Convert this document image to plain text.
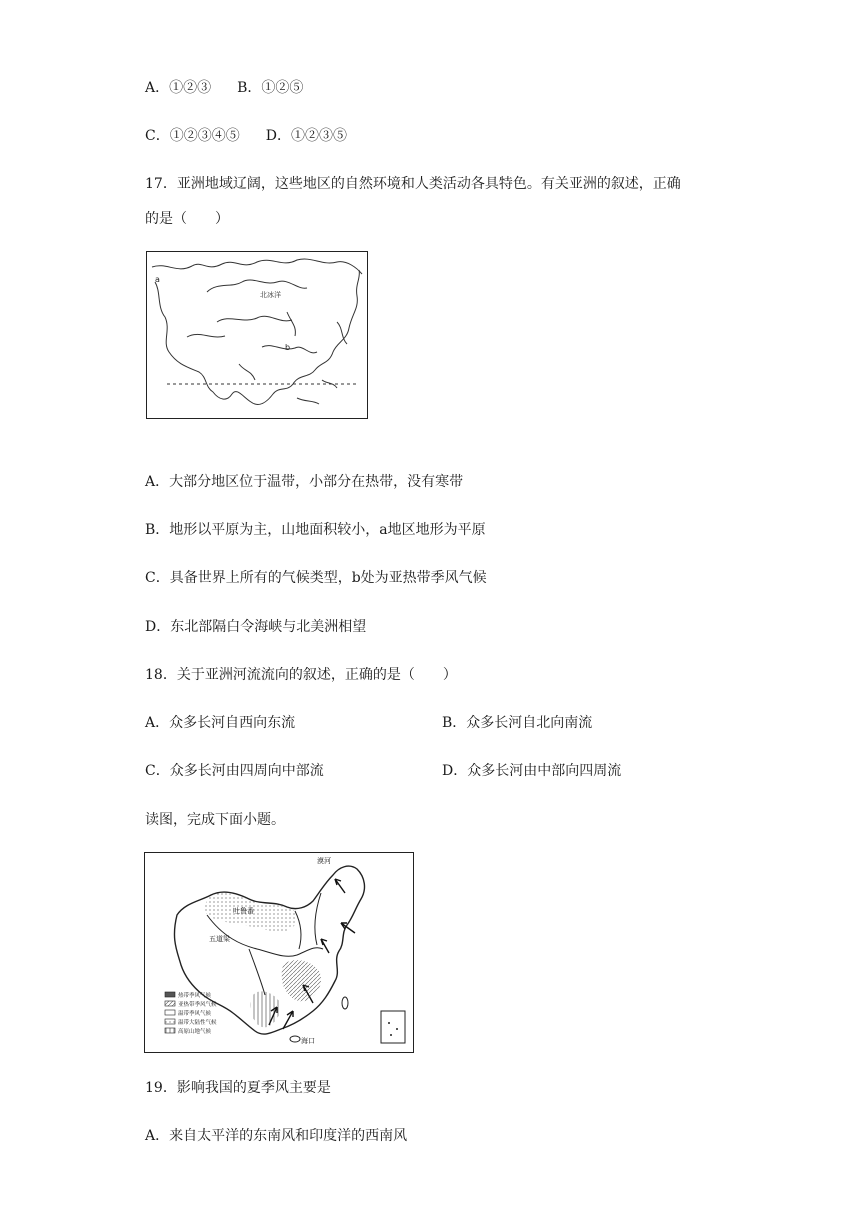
A．①②③ B．①②⑤
C．①②③④⑤ D．①②③⑤
17．亚洲地域辽阔，这些地区的自然环境和人类活动各具特色。有关亚洲的叙述，正确
的是（　　）
北冰洋
a
b
A．大部分地区位于温带，小部分在热带，没有寒带
B．地形以平原为主，山地面积较小，a地区地形为平原
C．具备世界上所有的气候类型，b处为亚热带季风气候
D．东北部隔白令海峡与北美洲相望
18．关于亚洲河流流向的叙述，正确的是（　　）
A．众多长河自西向东流	B．众多长河自北向南流
C．众多长河由四周向中部流	D．众多长河由中部向四周流
读图，完成下面小题。
漠河
吐鲁番
五道梁
海口
热带季风气候
亚热带季风气候
温带季风气候
温带大陆性气候
高原山地气候
19．影响我国的夏季风主要是
A．来自太平洋的东南风和印度洋的西南风
